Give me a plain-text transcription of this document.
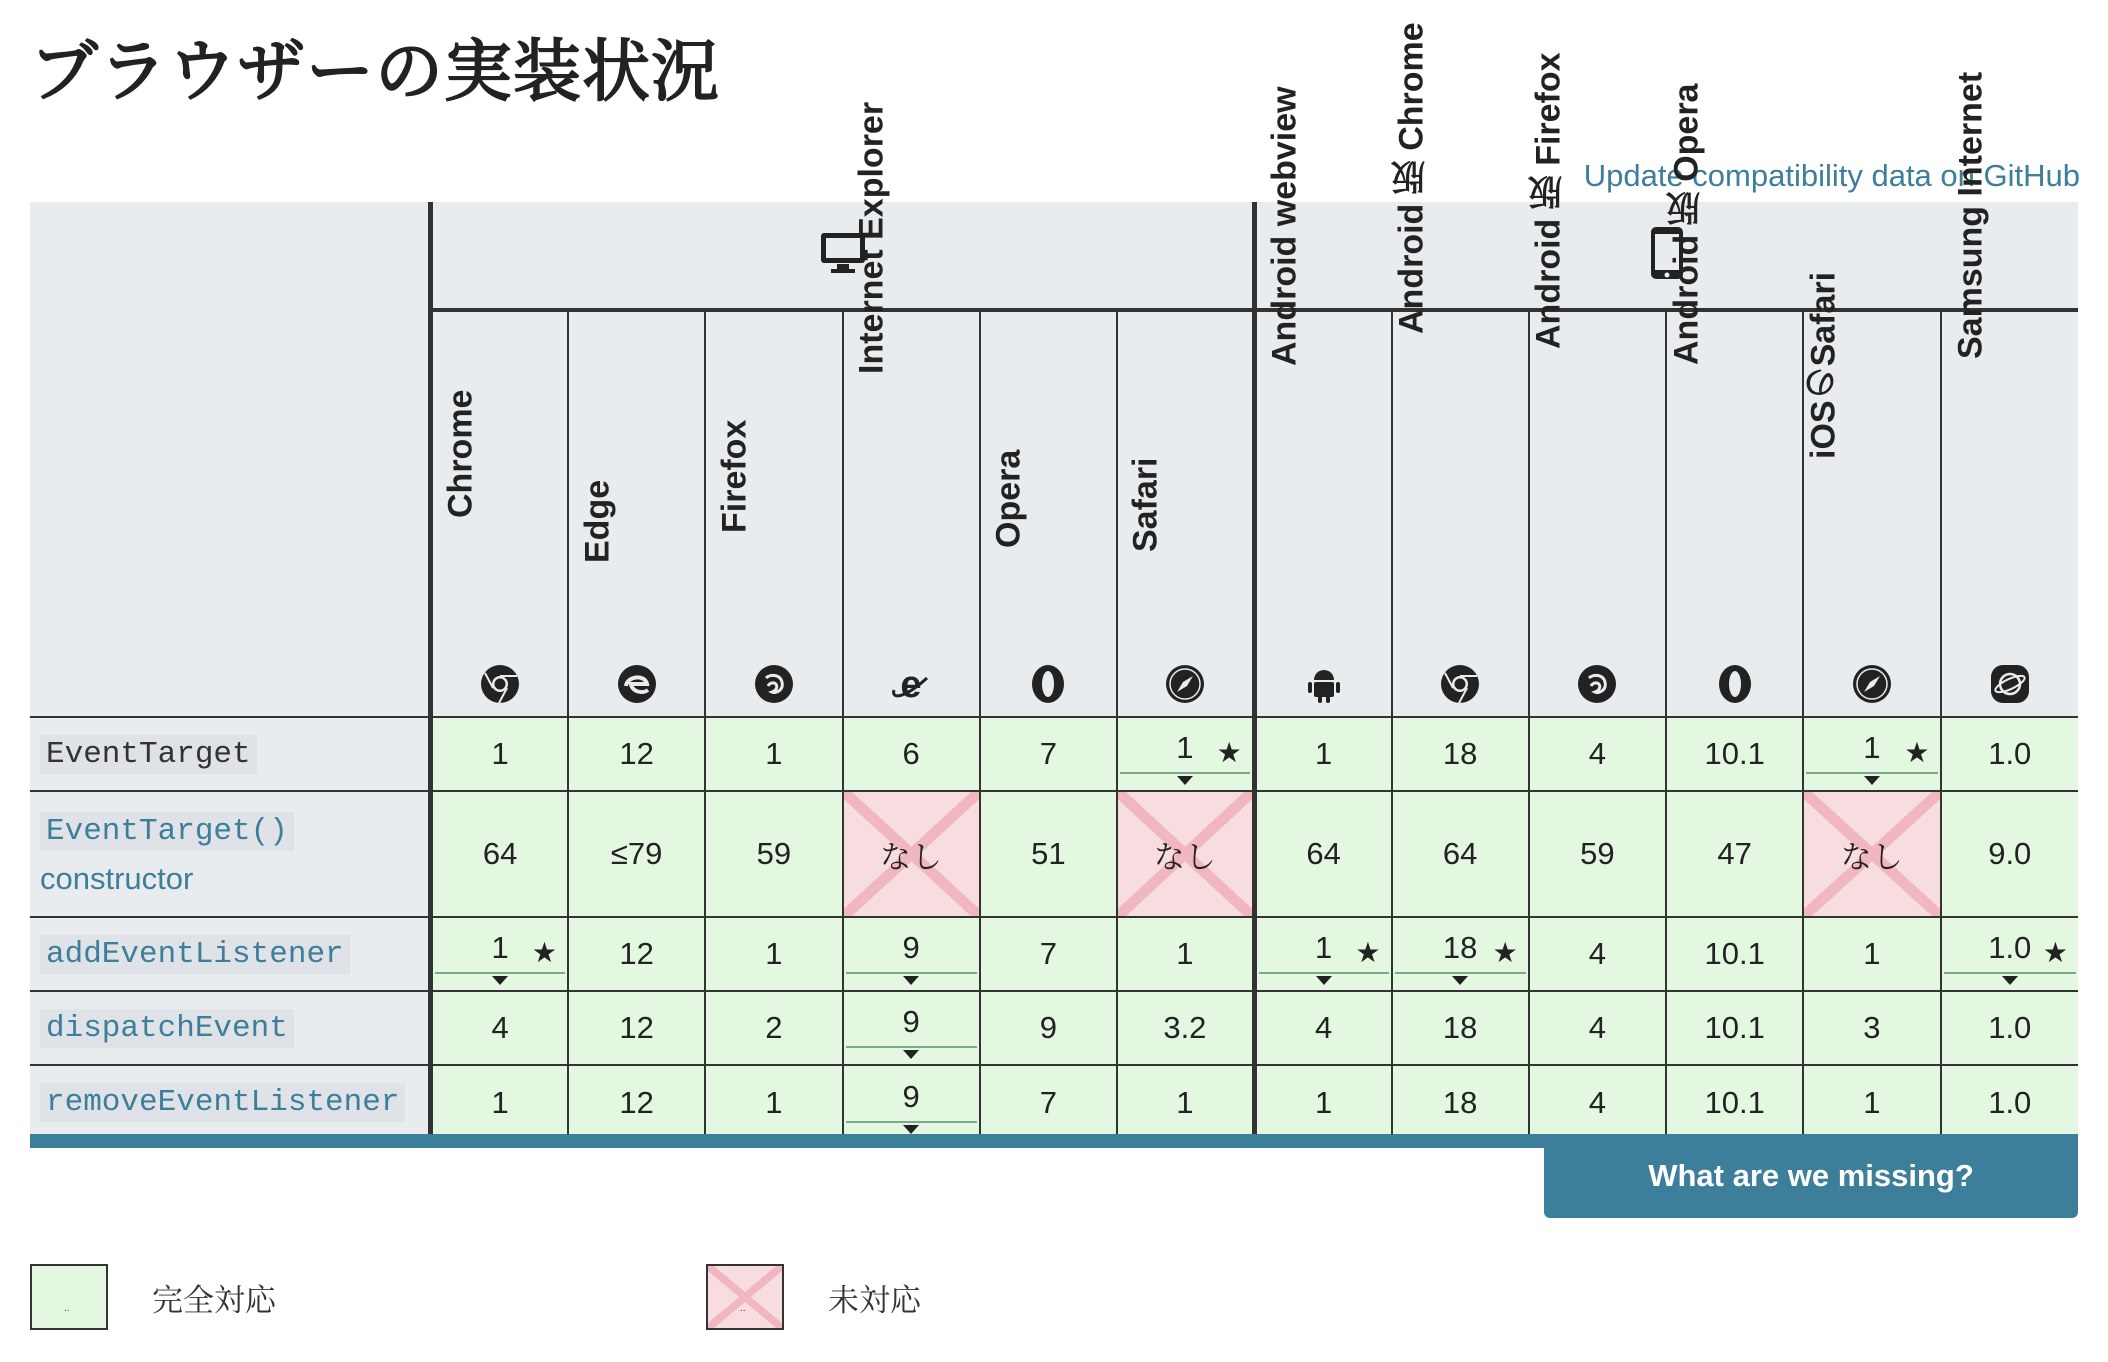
ブラウザーの実装状況
Update compatibility data on GitHub

	Chrome	Edge	Firefox	Internet Explorer
e	Opera	Safari	Android webview	Android 版 Chrome	Android 版 Firefox	Android 版 Opera	iOSのSafari	Samsung Internet

EventTarget	1	12	1	6	7	1 ★	1	18	4	10.1	1 ★	1.0
EventTarget()
constructor	64	≤79	59	なし	51	なし	64	64	59	47	なし	9.0
addEventListener	1 ★	12	1	9	7	1	1 ★	18 ★	4	10.1	1	1.0 ★

dispatchEvent	4	12	2	9	9	3.2	4	18	4	10.1	3	1.0
removeEventListener	1	12	1	9	7	1	1	18	4	10.1	1	1.0
What are we missing?
..	完全対応	..	未対応
